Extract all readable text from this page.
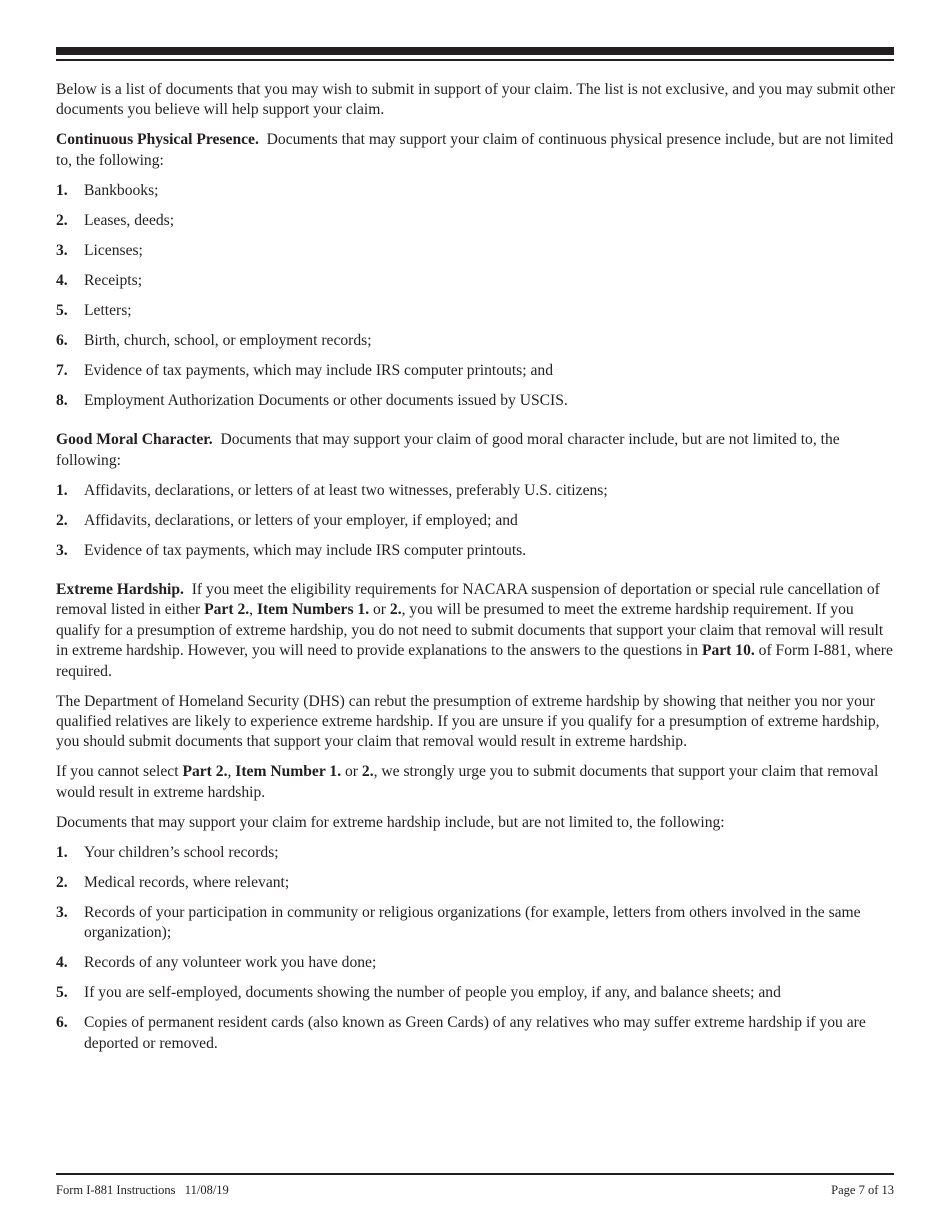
Below is a list of documents that you may wish to submit in support of your claim. The list is not exclusive, and you may submit other documents you believe will help support your claim.

Continuous Physical Presence. Documents that may support your claim of continuous physical presence include, but are not limited to, the following:

1. Bankbooks;
2. Leases, deeds;
3. Licenses;
4. Receipts;
5. Letters;
6. Birth, church, school, or employment records;
7. Evidence of tax payments, which may include IRS computer printouts; and
8. Employment Authorization Documents or other documents issued by USCIS.

Good Moral Character. Documents that may support your claim of good moral character include, but are not limited to, the following:

1. Affidavits, declarations, or letters of at least two witnesses, preferably U.S. citizens;
2. Affidavits, declarations, or letters of your employer, if employed; and
3. Evidence of tax payments, which may include IRS computer printouts.

Extreme Hardship. If you meet the eligibility requirements for NACARA suspension of deportation or special rule cancellation of removal listed in either Part 2., Item Numbers 1. or 2., you will be presumed to meet the extreme hardship requirement. If you qualify for a presumption of extreme hardship, you do not need to submit documents that support your claim that removal will result in extreme hardship. However, you will need to provide explanations to the answers to the questions in Part 10. of Form I-881, where required.

The Department of Homeland Security (DHS) can rebut the presumption of extreme hardship by showing that neither you nor your qualified relatives are likely to experience extreme hardship. If you are unsure if you qualify for a presumption of extreme hardship, you should submit documents that support your claim that removal would result in extreme hardship.

If you cannot select Part 2., Item Number 1. or 2., we strongly urge you to submit documents that support your claim that removal would result in extreme hardship.

Documents that may support your claim for extreme hardship include, but are not limited to, the following:

1. Your children’s school records;
2. Medical records, where relevant;
3. Records of your participation in community or religious organizations (for example, letters from others involved in the same organization);
4. Records of any volunteer work you have done;
5. If you are self-employed, documents showing the number of people you employ, if any, and balance sheets; and
6. Copies of permanent resident cards (also known as Green Cards) of any relatives who may suffer extreme hardship if you are deported or removed.
Form I-881 Instructions   11/08/19	Page 7 of 13
